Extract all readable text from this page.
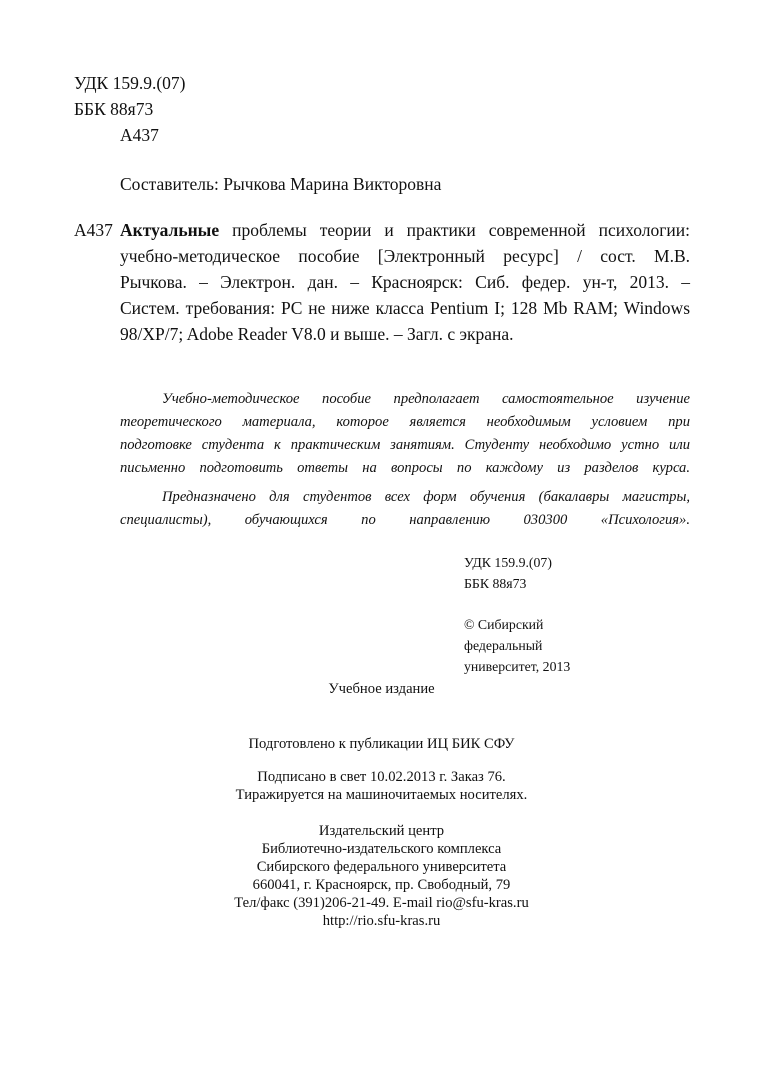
УДК 159.9.(07)
ББК 88я73
А437
Составитель: Рычкова Марина Викторовна
А437 Актуальные проблемы теории и практики современной психологии:
учебно-методическое пособие [Электронный ресурс] / сост. М.В.
Рычкова. – Электрон. дан. – Красноярск: Сиб. федер. ун-т, 2013. –
Систем. требования: PC не ниже класса Pentium I; 128 Mb RAM; Windows
98/XP/7; Adobe Reader V8.0 и выше. – Загл. с экрана.
Учебно-методическое пособие предполагает самостоятельное изучение
теоретического материала, которое является необходимым условием при
подготовке студента к практическим занятиям. Студенту необходимо устно или
письменно подготовить ответы на вопросы по каждому из разделов курса.
Предназначено для студентов всех форм обучения (бакалавры магистры,
специалисты), обучающихся по направлению 030300 «Психология».
УДК 159.9.(07)
ББК 88я73
© Сибирский
федеральный
университет, 2013
Учебное издание
Подготовлено к публикации ИЦ БИК СФУ
Подписано в свет 10.02.2013 г. Заказ 76.
Тиражируется на машиночитаемых носителях.
Издательский центр
Библиотечно-издательского комплекса
Сибирского федерального университета
660041, г. Красноярск, пр. Свободный, 79
Тел/факс (391)206-21-49. E-mail rio@sfu-kras.ru
http://rio.sfu-kras.ru
